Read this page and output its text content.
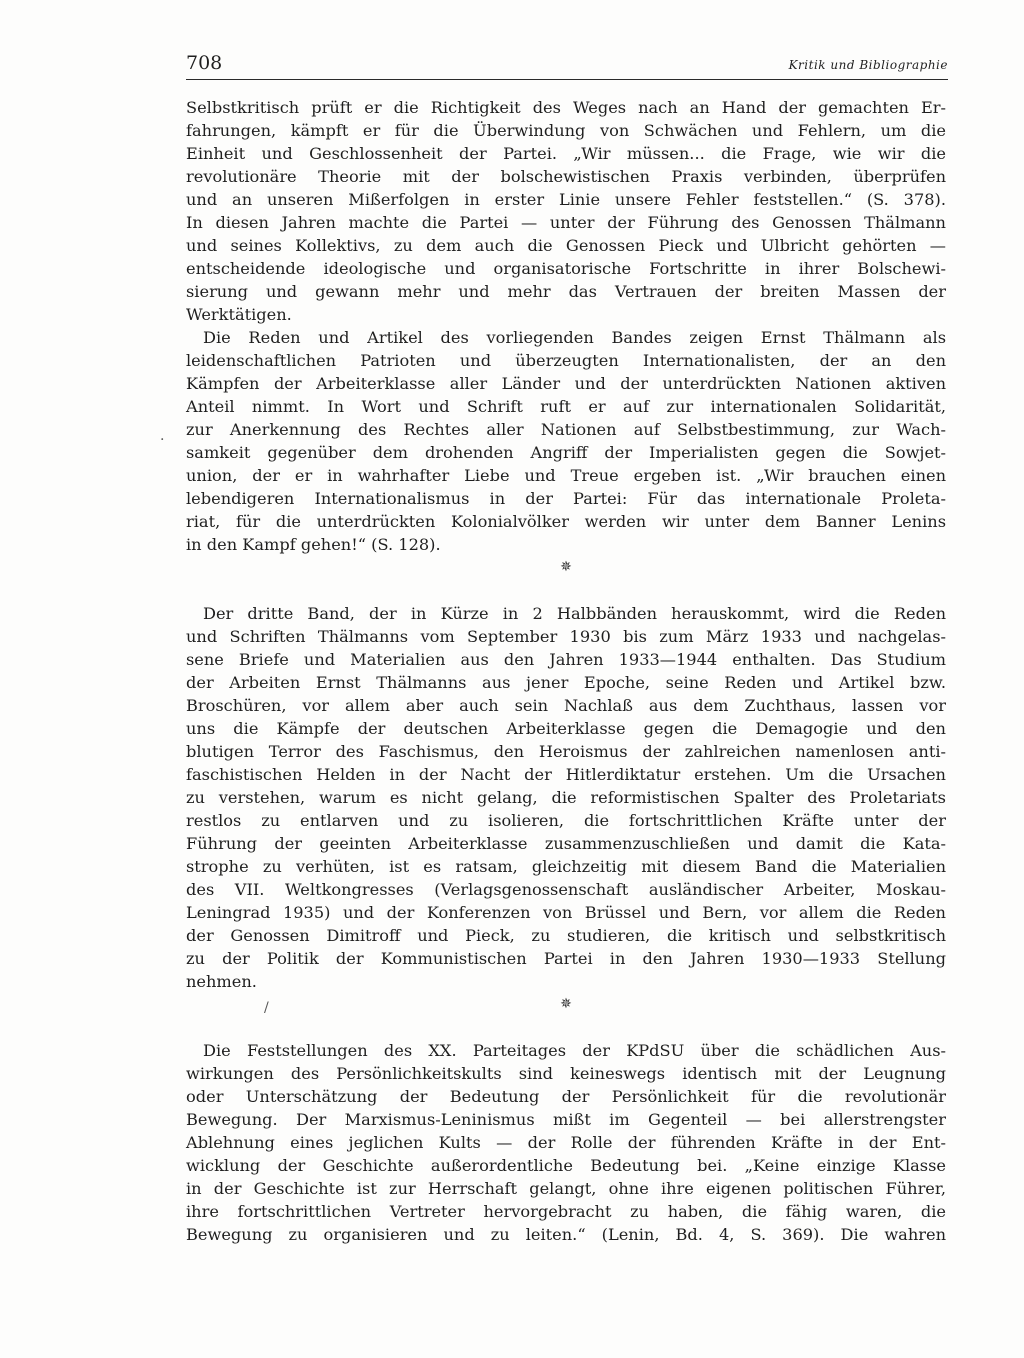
708	Kritik und Bibliographie
Selbstkritisch prüft er die Richtigkeit des Weges nach an Hand der gemachten Er-
fahrungen, kämpft er für die Überwindung von Schwächen und Fehlern, um die
Einheit und Geschlossenheit der Partei. „Wir müssen... die Frage, wie wir die
revolutionäre Theorie mit der bolschewistischen Praxis verbinden, überprüfen
und an unseren Mißerfolgen in erster Linie unsere Fehler feststellen.“ (S. 378).
In diesen Jahren machte die Partei — unter der Führung des Genossen Thälmann
und seines Kollektivs, zu dem auch die Genossen Pieck und Ulbricht gehörten —
entscheidende ideologische und organisatorische Fortschritte in ihrer Bolschewi-
sierung und gewann mehr und mehr das Vertrauen der breiten Massen der
Werktätigen.
Die Reden und Artikel des vorliegenden Bandes zeigen Ernst Thälmann als
leidenschaftlichen Patrioten und überzeugten Internationalisten, der an den
Kämpfen der Arbeiterklasse aller Länder und der unterdrückten Nationen aktiven
Anteil nimmt. In Wort und Schrift ruft er auf zur internationalen Solidarität,
zur Anerkennung des Rechtes aller Nationen auf Selbstbestimmung, zur Wach-
samkeit gegenüber dem drohenden Angriff der Imperialisten gegen die Sowjet-
union, der er in wahrhafter Liebe und Treue ergeben ist. „Wir brauchen einen
lebendigeren Internationalismus in der Partei: Für das internationale Proleta-
riat, für die unterdrückten Kolonialvölker werden wir unter dem Banner Lenins
in den Kampf gehen!“ (S. 128).
✵
Der dritte Band, der in Kürze in 2 Halbbänden herauskommt, wird die Reden
und Schriften Thälmanns vom September 1930 bis zum März 1933 und nachgelas-
sene Briefe und Materialien aus den Jahren 1933—1944 enthalten. Das Studium
der Arbeiten Ernst Thälmanns aus jener Epoche, seine Reden und Artikel bzw.
Broschüren, vor allem aber auch sein Nachlaß aus dem Zuchthaus, lassen vor
uns die Kämpfe der deutschen Arbeiterklasse gegen die Demagogie und den
blutigen Terror des Faschismus, den Heroismus der zahlreichen namenlosen anti-
faschistischen Helden in der Nacht der Hitlerdiktatur erstehen. Um die Ursachen
zu verstehen, warum es nicht gelang, die reformistischen Spalter des Proletariats
restlos zu entlarven und zu isolieren, die fortschrittlichen Kräfte unter der
Führung der geeinten Arbeiterklasse zusammenzuschließen und damit die Kata-
strophe zu verhüten, ist es ratsam, gleichzeitig mit diesem Band die Materialien
des VII. Weltkongresses (Verlagsgenossenschaft ausländischer Arbeiter, Moskau-
Leningrad 1935) und der Konferenzen von Brüssel und Bern, vor allem die Reden
der Genossen Dimitroff und Pieck, zu studieren, die kritisch und selbstkritisch
zu der Politik der Kommunistischen Partei in den Jahren 1930—1933 Stellung
nehmen.
✵
Die Feststellungen des XX. Parteitages der KPdSU über die schädlichen Aus-
wirkungen des Persönlichkeitskults sind keineswegs identisch mit der Leugnung
oder Unterschätzung der Bedeutung der Persönlichkeit für die revolutionär
Bewegung. Der Marxismus-Leninismus mißt im Gegenteil — bei allerstrengster
Ablehnung eines jeglichen Kults — der Rolle der führenden Kräfte in der Ent-
wicklung der Geschichte außerordentliche Bedeutung bei. „Keine einzige Klasse
in der Geschichte ist zur Herrschaft gelangt, ohne ihre eigenen politischen Führer,
ihre fortschrittlichen Vertreter hervorgebracht zu haben, die fähig waren, die
Bewegung zu organisieren und zu leiten.“ (Lenin, Bd. 4, S. 369). Die wahren
.
/
